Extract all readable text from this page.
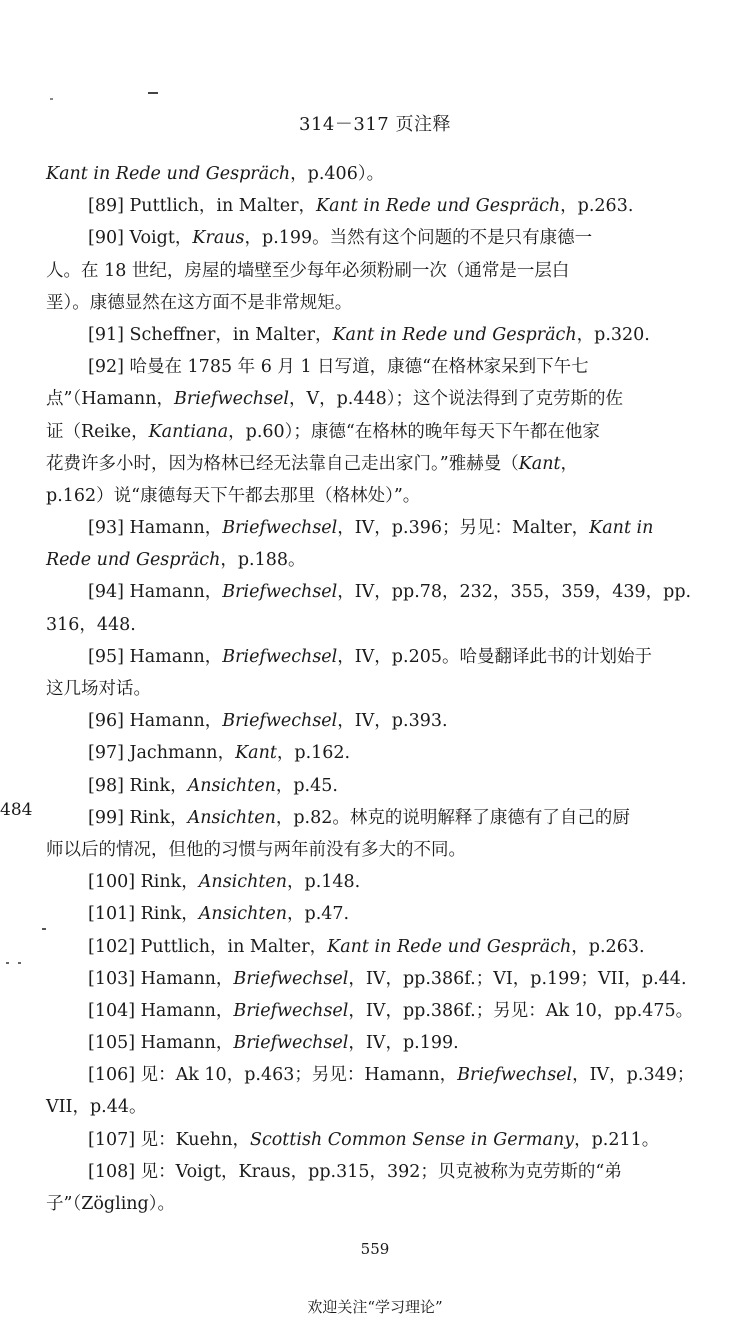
314－317 页注释
Kant in Rede und Gespräch，p.406）。
[89] Puttlich，in Malter，Kant in Rede und Gespräch，p.263.
[90] Voigt，Kraus，p.199。当然有这个问题的不是只有康德一
人。在 18 世纪，房屋的墙壁至少每年必须粉刷一次（通常是一层白
垩）。康德显然在这方面不是非常规矩。
[91] Scheffner，in Malter，Kant in Rede und Gespräch，p.320.
[92] 哈曼在 1785 年 6 月 1 日写道，康德“在格林家呆到下午七
点”（Hamann，Briefwechsel，V，p.448）；这个说法得到了克劳斯的佐
证（Reike，Kantiana，p.60）；康德“在格林的晚年每天下午都在他家
花费许多小时，因为格林已经无法靠自己走出家门。”雅赫曼（Kant，
p.162）说“康德每天下午都去那里（格林处）”。
[93] Hamann，Briefwechsel，IV，p.396；另见：Malter，Kant in
Rede und Gespräch，p.188。
[94] Hamann，Briefwechsel，IV，pp.78，232，355，359，439，pp.
316，448.
[95] Hamann，Briefwechsel，IV，p.205。哈曼翻译此书的计划始于
这几场对话。
[96] Hamann，Briefwechsel，IV，p.393.
[97] Jachmann，Kant，p.162.
[98] Rink，Ansichten，p.45.
[99] Rink，Ansichten，p.82。林克的说明解释了康德有了自己的厨
师以后的情况，但他的习惯与两年前没有多大的不同。
[100] Rink，Ansichten，p.148.
[101] Rink，Ansichten，p.47.
[102] Puttlich，in Malter，Kant in Rede und Gespräch，p.263.
[103] Hamann，Briefwechsel，IV，pp.386f.；VI，p.199；VII，p.44.
[104] Hamann，Briefwechsel，IV，pp.386f.；另见：Ak 10，pp.475。
[105] Hamann，Briefwechsel，IV，p.199.
[106] 见：Ak 10，p.463；另见：Hamann，Briefwechsel，IV，p.349；
VII，p.44。
[107] 见：Kuehn，Scottish Common Sense in Germany，p.211。
[108] 见：Voigt，Kraus，pp.315，392；贝克被称为克劳斯的“弟
子”（Zögling）。
484
559
欢迎关注“学习理论”
